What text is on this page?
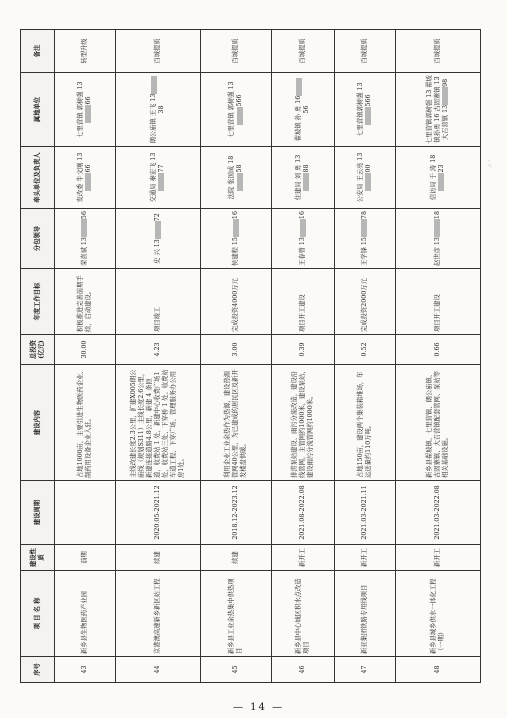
序号	项 目 名 称	建设性质	建设周期	建设内容	总投资(亿元)	年度工作目标	分包领导	牵头单位及负责人	属地单位	备注
43	新乡县生物医药产业园	前期		占地1000亩，主要引进生物医药企业、制药用设备企业入驻。	30.00	积极推进完善前期手续，启动建设。	荣喜斌 1356	发改委 牛文刚 1366	七里营镇 郭树强 1366	转型升级
44	京港澳高速新乡新区站工程	续建	2020.05-2021.12	主线改建长度2.3公里，扩建X005朗公庙线（规划S311）主线长度2.6公里，新建连接道路4.8公里，新建 4 条匝道，收费站 1 处，新建中心收费广场1处，收费站三处、下穿桥 1 处、收费站车道工程、下穿广场、管理服务办公用房1处。	4.23	项目竣工	史 兴 1372	交通局 秦宏飞 1377	朗公庙镇 王飞 1338	百城提质
45	新乡县工业余热集中供热项目	续建	2018.12-2023.12	利用企业工业余热作为热源，建设热源管网40公里，为已建成的居民区及新开发楼盘供暖。	3.00	完成投资4000万元	侯建程 1516	法院 张国成 1858	七里营镇 郭树强 13566	百城提质
46	新乡县中心城区积水点改造项目	新开工	2021.08-2022.08	排涝泵站建设、雨污分流改造，建设沿线管网，主管网约1000米，建设泵站、建设雨污分流管网约1000米。	0.39	项目开工建设	王春曾 1316	住建局 刘 勇 1388	翟坡镇 孙 勇 1656	百城提质
47	新亚集团铁路专用线项目	新开工	2021.03-2021.11	占地150亩，建设两个集装箱堆场，年运送量约110万吨。	0.52	完成投资2000万元	王学锋 1578	公安局 王云亮 1300	七里营镇郭树强 13566	百城提质
48	新乡县城乡供水一体化工程（一期）	新开工	2021.03-2022.08	新乡县翟坡镇、七里营镇、朗公庙镇、古固寨镇、大召营镇配套管网、泵站等相关基础设施。	0.66	项目开工建设	赵世彦 1318	信访局 于 涛 1823	七里营镇郭树强 13 翟坡镇孙勇 16 古固寨镇 13 大召营镇 1398	百城提质
∴ ·
— 14 —
